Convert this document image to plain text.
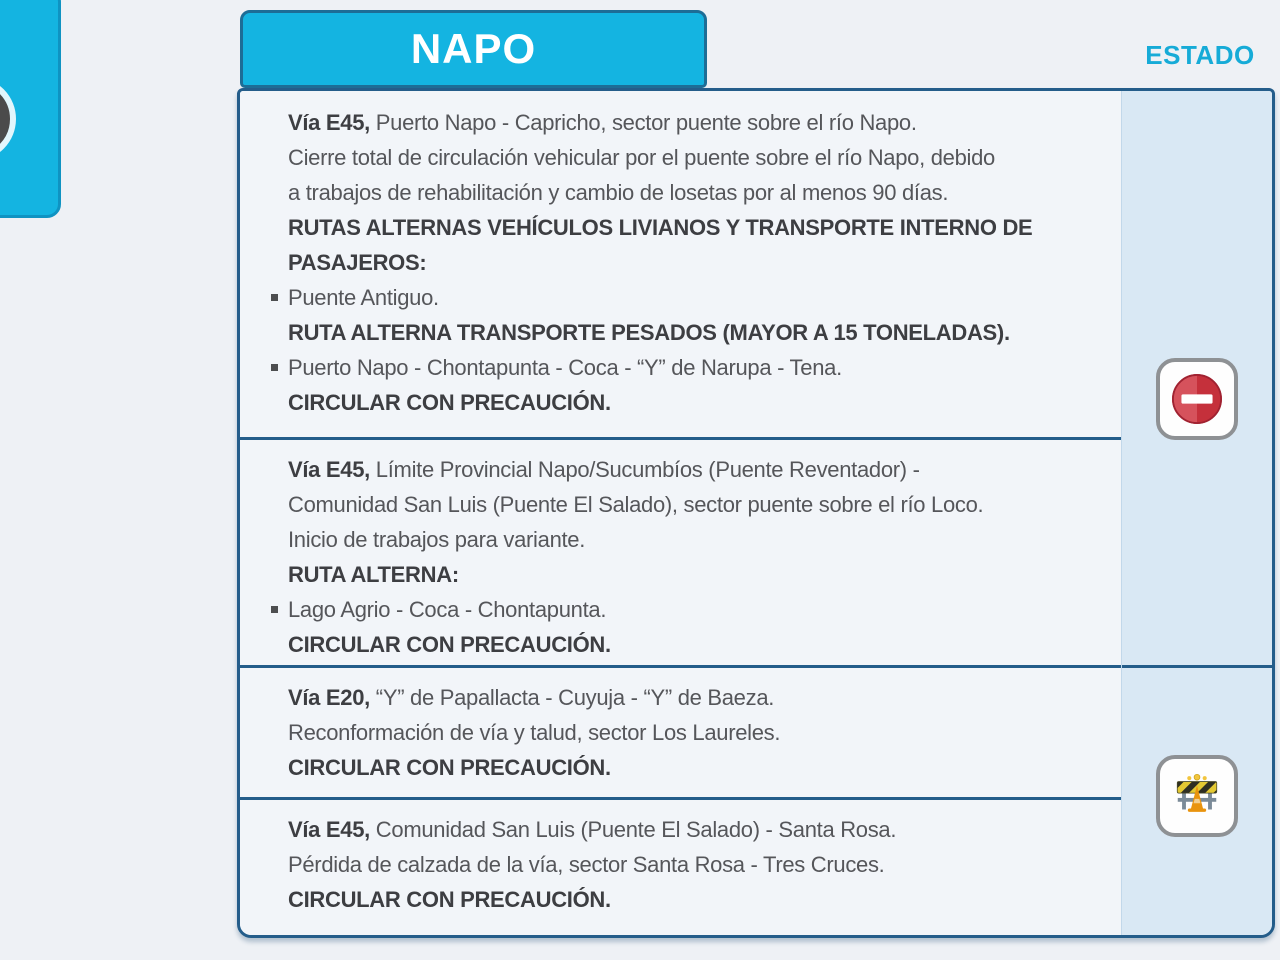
NAPO	ESTADO
Vía E45, Puerto Napo - Capricho, sector puente sobre el río Napo.
Cierre total de circulación vehicular por el puente sobre el río Napo, debido
a trabajos de rehabilitación y cambio de losetas por al menos 90 días.
RUTAS ALTERNAS VEHÍCULOS LIVIANOS Y TRANSPORTE INTERNO DE
PASAJEROS:
Puente Antiguo.
RUTA ALTERNA TRANSPORTE PESADOS (MAYOR A 15 TONELADAS).
Puerto Napo - Chontapunta - Coca - “Y” de Narupa - Tena.
CIRCULAR CON PRECAUCIÓN.
Vía E45, Límite Provincial Napo/Sucumbíos (Puente Reventador) -
Comunidad San Luis (Puente El Salado), sector puente sobre el río Loco.
Inicio de trabajos para variante.
RUTA ALTERNA:
Lago Agrio - Coca - Chontapunta.
CIRCULAR CON PRECAUCIÓN.
Vía E20, “Y” de Papallacta - Cuyuja - “Y” de Baeza.
Reconformación de vía y talud, sector Los Laureles.
CIRCULAR CON PRECAUCIÓN.
Vía E45, Comunidad San Luis (Puente El Salado) - Santa Rosa.
Pérdida de calzada de la vía, sector Santa Rosa - Tres Cruces.
CIRCULAR CON PRECAUCIÓN.
